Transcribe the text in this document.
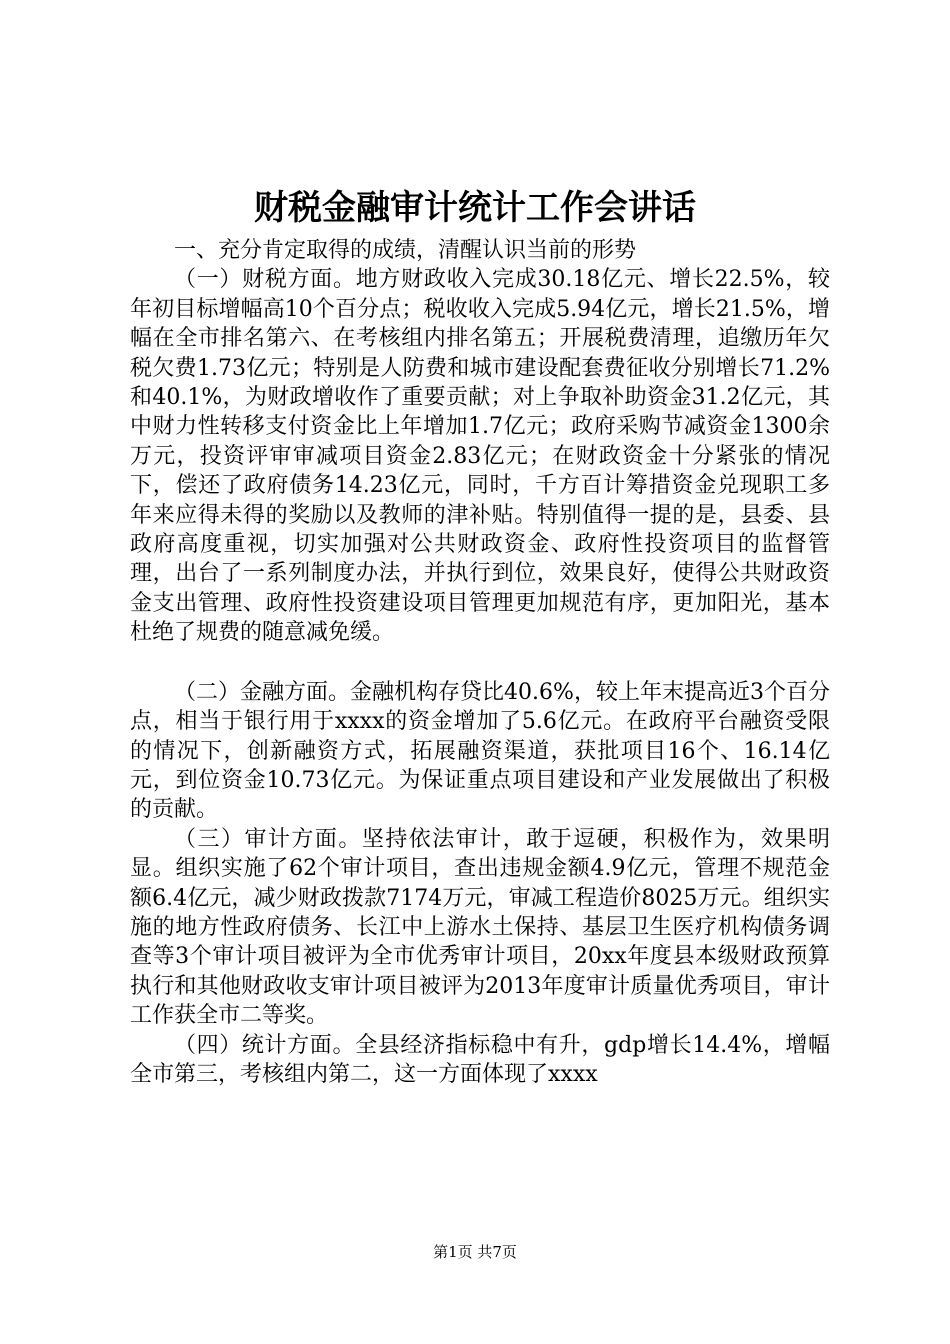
财税金融审计统计工作会讲话

一、充分肯定取得的成绩，清醒认识当前的形势

（一）财税方面。地方财政收入完成30.18亿元、增长22.5%，较年初目标增幅高10个百分点；税收收入完成5.94亿元，增长21.5%，增幅在全市排名第六、在考核组内排名第五；开展税费清理，追缴历年欠税欠费1.73亿元；特别是人防费和城市建设配套费征收分别增长71.2%和40.1%，为财政增收作了重要贡献；对上争取补助资金31.2亿元，其中财力性转移支付资金比上年增加1.7亿元；政府采购节减资金1300余万元，投资评审审减项目资金2.83亿元；在财政资金十分紧张的情况下，偿还了政府债务14.23亿元，同时，千方百计筹措资金兑现职工多年来应得未得的奖励以及教师的津补贴。特别值得一提的是，县委、县政府高度重视，切实加强对公共财政资金、政府性投资项目的监督管理，出台了一系列制度办法，并执行到位，效果良好，使得公共财政资金支出管理、政府性投资建设项目管理更加规范有序，更加阳光，基本杜绝了规费的随意减免缓。

（二）金融方面。金融机构存贷比40.6%，较上年末提高近3个百分点，相当于银行用于xxxx的资金增加了5.6亿元。在政府平台融资受限的情况下，创新融资方式，拓展融资渠道，获批项目16个、16.14亿元，到位资金10.73亿元。为保证重点项目建设和产业发展做出了积极的贡献。

（三）审计方面。坚持依法审计，敢于逗硬，积极作为，效果明显。组织实施了62个审计项目，查出违规金额4.9亿元，管理不规范金额6.4亿元，减少财政拨款7174万元，审减工程造价8025万元。组织实施的地方性政府债务、长江中上游水土保持、基层卫生医疗机构债务调查等3个审计项目被评为全市优秀审计项目，20xx年度县本级财政预算执行和其他财政收支审计项目被评为2013年度审计质量优秀项目，审计工作获全市二等奖。

（四）统计方面。全县经济指标稳中有升，gdp增长14.4%，增幅全市第三，考核组内第二，这一方面体现了xxxx

第1页 共7页
